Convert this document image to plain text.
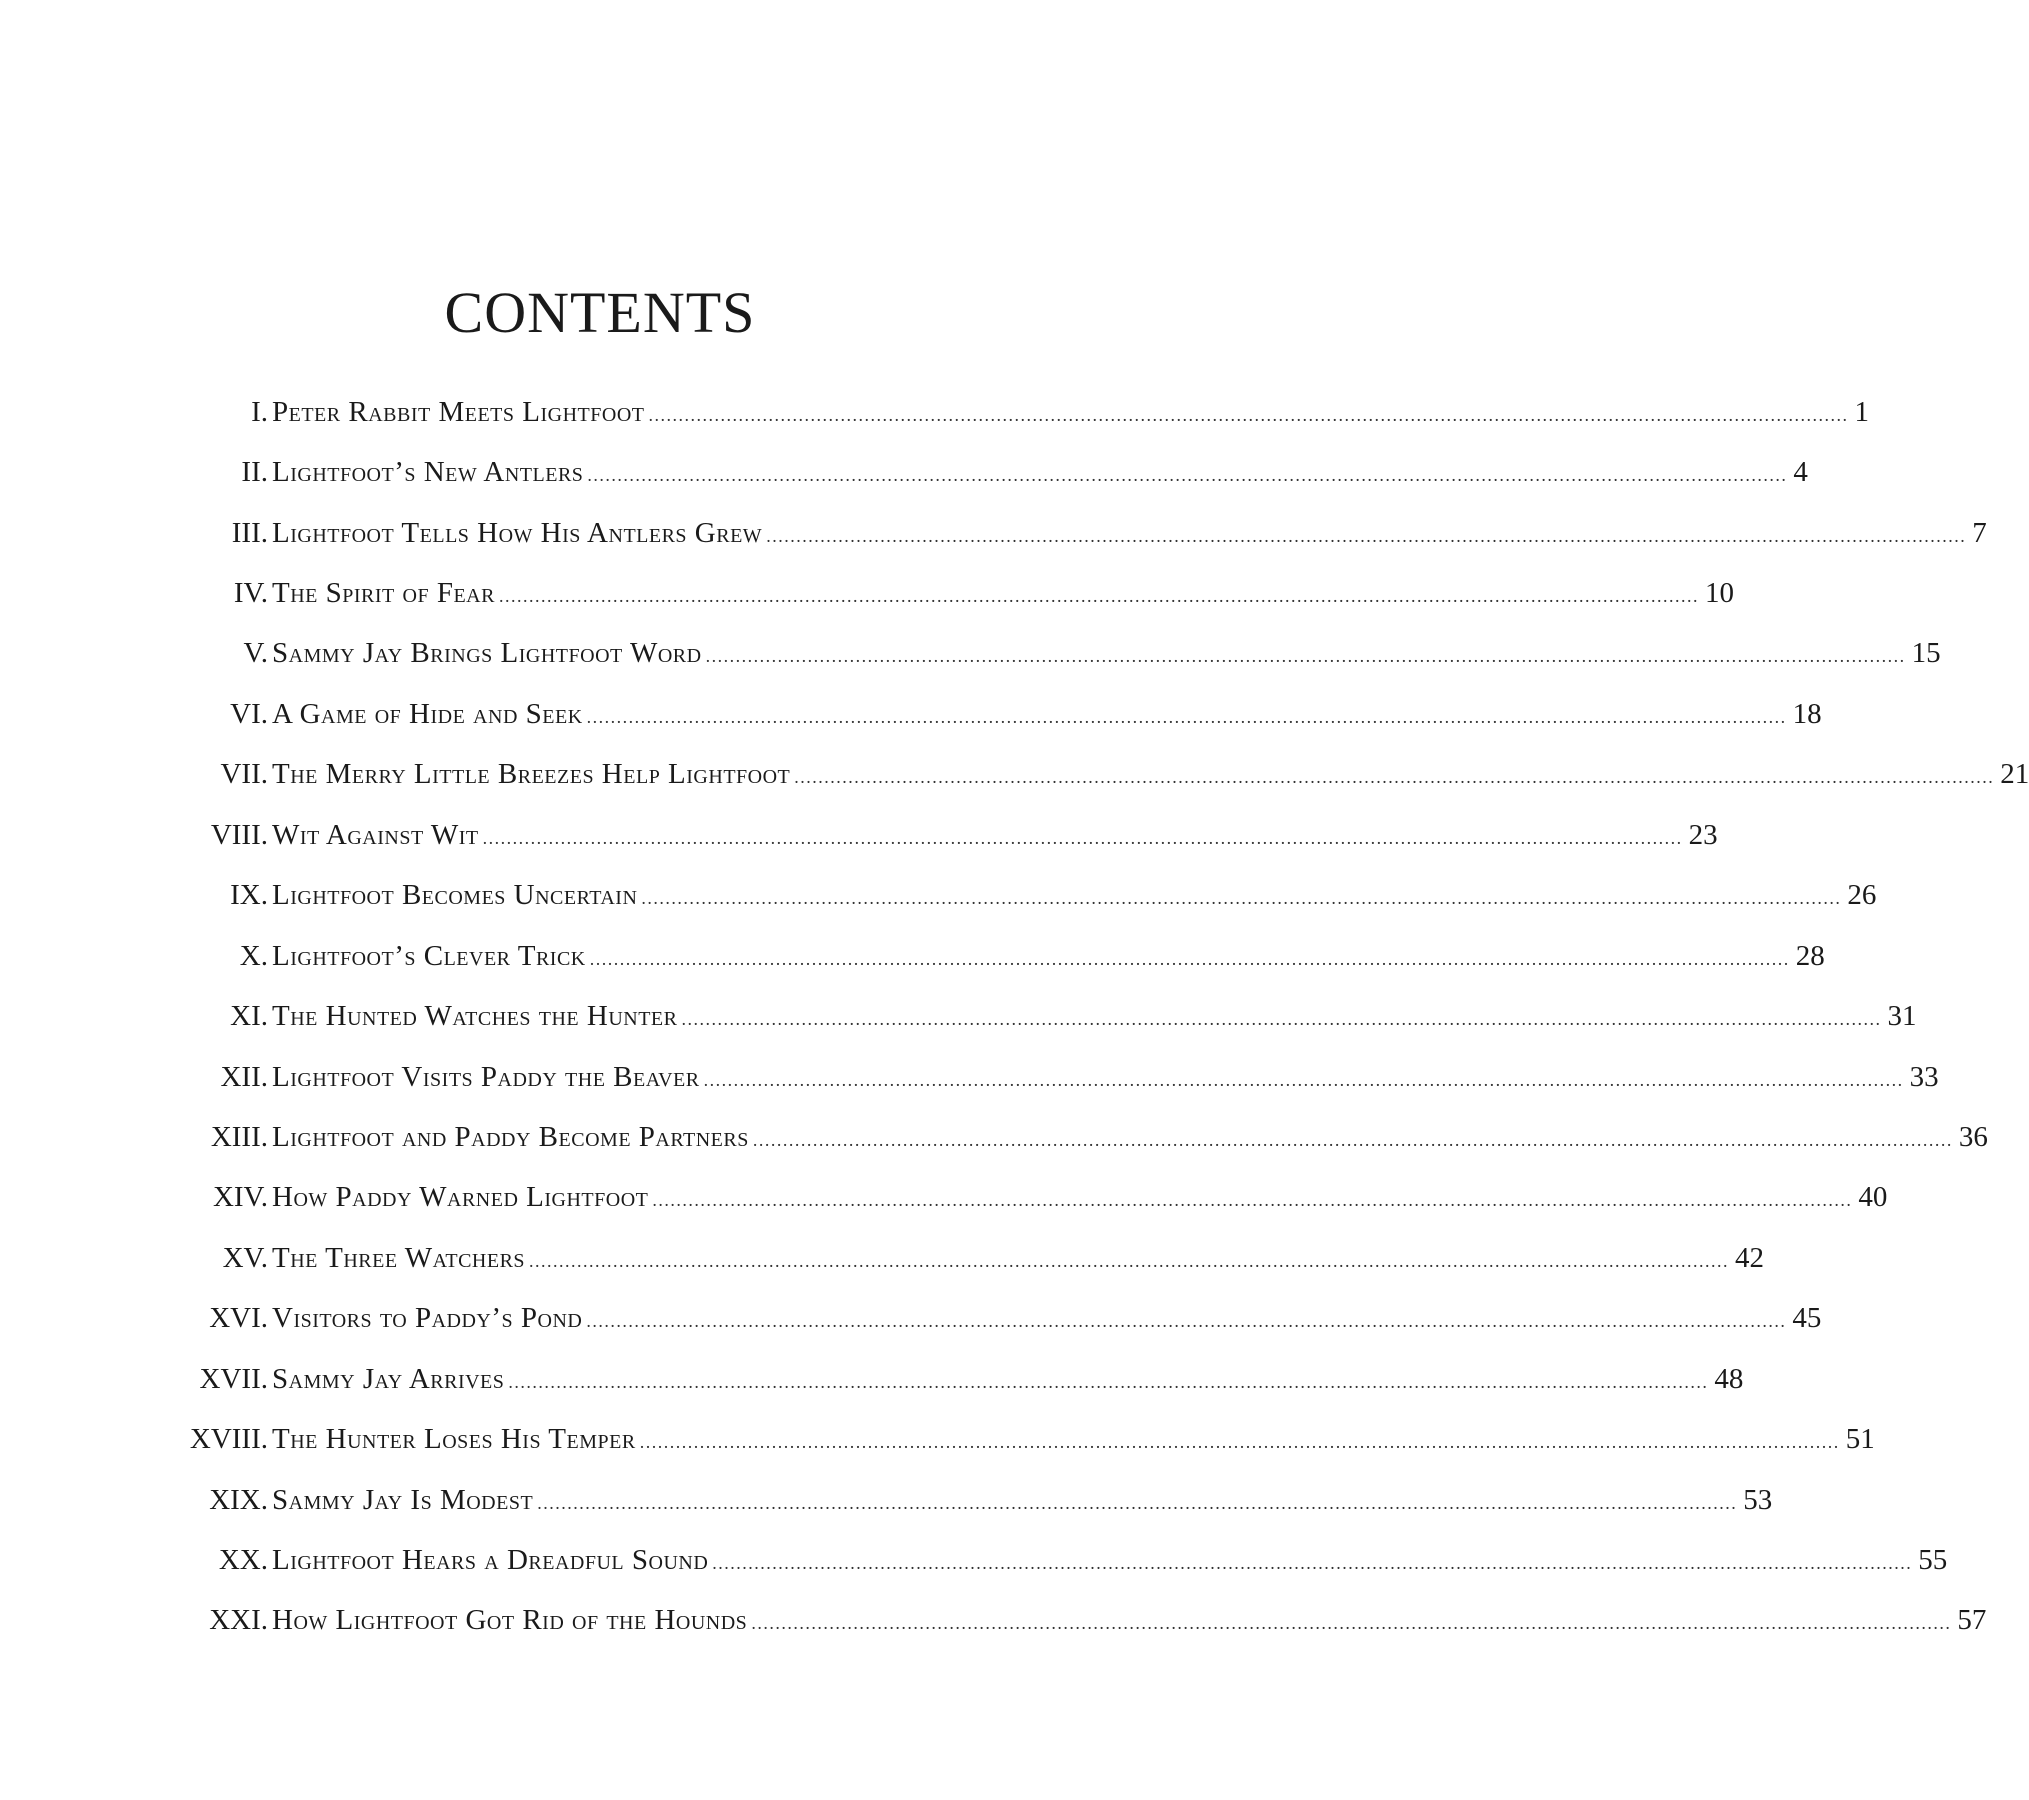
CONTENTS
I. Peter Rabbit Meets Lightfoot ........................................................................................................................................................................................................ 1
II. Lightfoot’s New Antlers ........................................................................................................................................................................................................ 4
III. Lightfoot Tells How His Antlers Grew ........................................................................................................................................................................................................ 7
IV. The Spirit of Fear ........................................................................................................................................................................................................ 10
V. Sammy Jay Brings Lightfoot Word ........................................................................................................................................................................................................ 15
VI. A Game of Hide and Seek ........................................................................................................................................................................................................ 18
VII. The Merry Little Breezes Help Lightfoot ........................................................................................................................................................................................................ 21
VIII. Wit Against Wit ........................................................................................................................................................................................................ 23
IX. Lightfoot Becomes Uncertain ........................................................................................................................................................................................................ 26
X. Lightfoot’s Clever Trick ........................................................................................................................................................................................................ 28
XI. The Hunted Watches the Hunter ........................................................................................................................................................................................................ 31
XII. Lightfoot Visits Paddy the Beaver ........................................................................................................................................................................................................ 33
XIII. Lightfoot and Paddy Become Partners ........................................................................................................................................................................................................ 36
XIV. How Paddy Warned Lightfoot ........................................................................................................................................................................................................ 40
XV. The Three Watchers ........................................................................................................................................................................................................ 42
XVI. Visitors to Paddy’s Pond ........................................................................................................................................................................................................ 45
XVII. Sammy Jay Arrives ........................................................................................................................................................................................................ 48
XVIII. The Hunter Loses His Temper ........................................................................................................................................................................................................ 51
XIX. Sammy Jay Is Modest ........................................................................................................................................................................................................ 53
XX. Lightfoot Hears a Dreadful Sound ........................................................................................................................................................................................................ 55
XXI. How Lightfoot Got Rid of the Hounds ........................................................................................................................................................................................................ 57
